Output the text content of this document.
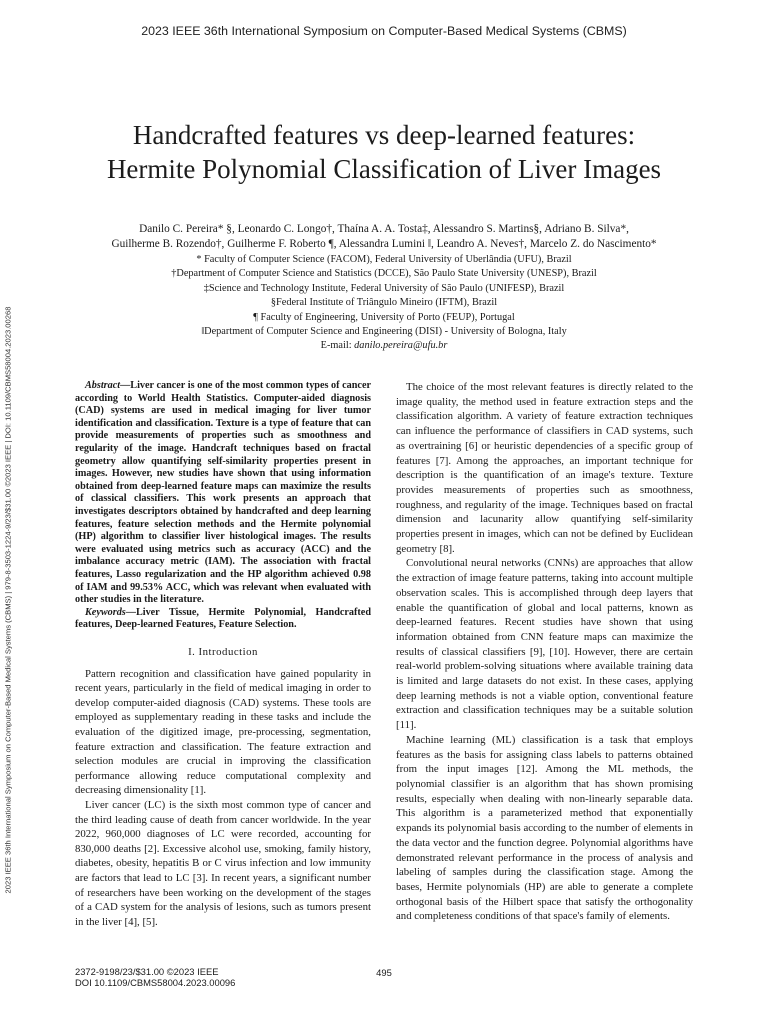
2023 IEEE 36th International Symposium on Computer-Based Medical Systems (CBMS)
2023 IEEE 36th International Symposium on Computer-Based Medical Systems (CBMS) | 979-8-3503-1224-9/23/$31.00 ©2023 IEEE | DOI: 10.1109/CBMS58004.2023.00268
Handcrafted features vs deep-learned features:
Hermite Polynomial Classification of Liver Images
Danilo C. Pereira* §, Leonardo C. Longo†, Thaína A. A. Tosta‡, Alessandro S. Martins§, Adriano B. Silva*,
Guilherme B. Rozendo†, Guilherme F. Roberto ¶, Alessandra Lumini ‖, Leandro A. Neves†, Marcelo Z. do Nascimento*
* Faculty of Computer Science (FACOM), Federal University of Uberlândia (UFU), Brazil
†Department of Computer Science and Statistics (DCCE), São Paulo State University (UNESP), Brazil
‡Science and Technology Institute, Federal University of São Paulo (UNIFESP), Brazil
§Federal Institute of Triângulo Mineiro (IFTM), Brazil
¶ Faculty of Engineering, University of Porto (FEUP), Portugal
‖Department of Computer Science and Engineering (DISI) - University of Bologna, Italy
E-mail: danilo.pereira@ufu.br

Abstract—Liver cancer is one of the most common types of cancer according to World Health Statistics. Computer-aided diagnosis (CAD) systems are used in medical imaging for liver tumor identification and classification. Texture is a type of feature that can provide measurements of properties such as smoothness and regularity of the image. Handcraft techniques based on fractal geometry allow quantifying self-similarity properties present in images. However, new studies have shown that using information obtained from deep-learned feature maps can maximize the results of classical classifiers. This work presents an approach that investigates descriptors obtained by handcrafted and deep learning features, feature selection methods and the Hermite polynomial (HP) algorithm to classifier liver histological images. The results were evaluated using metrics such as accuracy (ACC) and the imbalance accuracy metric (IAM). The association with fractal features, Lasso regularization and the HP algorithm achieved 0.98 of IAM and 99.53% ACC, which was relevant when evaluated with other studies in the literature.

Keywords—Liver Tissue, Hermite Polynomial, Handcrafted features, Deep-learned Features, Feature Selection.

I. Introduction

Pattern recognition and classification have gained popularity in recent years, particularly in the field of medical imaging in order to develop computer-aided diagnosis (CAD) systems. These tools are employed as supplementary reading in these tasks and include the evaluation of the digitized image, pre-processing, segmentation, feature extraction and classification. The feature extraction and selection modules are crucial in improving the classification performance allowing reduce computational complexity and decreasing dimensionality [1].

Liver cancer (LC) is the sixth most common type of cancer and the third leading cause of death from cancer worldwide. In the year 2022, 960,000 diagnoses of LC were recorded, accounting for 830,000 deaths [2]. Excessive alcohol use, smoking, family history, diabetes, obesity, hepatitis B or C virus infection and low immunity are factors that lead to LC [3]. In recent years, a significant number of researchers have been working on the development of the stages of a CAD system for the analysis of lesions, such as tumors present in the liver [4], [5].

The choice of the most relevant features is directly related to the image quality, the method used in feature extraction steps and the classification algorithm. A variety of feature extraction techniques can influence the performance of classifiers in CAD systems, such as overtraining [6] or heuristic dependencies of a specific group of features [7]. Among the approaches, an important technique for description is the quantification of an image's texture. Texture provides measurements of properties such as smoothness, roughness, and regularity of the image. Techniques based on fractal dimension and lacunarity allow quantifying self-similarity properties present in images, which can not be defined by Euclidean geometry [8].

Convolutional neural networks (CNNs) are approaches that allow the extraction of image feature patterns, taking into account multiple observation scales. This is accomplished through deep layers that enable the quantification of global and local patterns, known as deep-learned features. Recent studies have shown that using information obtained from CNN feature maps can maximize the results of classical classifiers [9], [10]. However, there are certain real-world problem-solving situations where available training data is limited and large datasets do not exist. In these cases, applying deep learning methods is not a viable option, conventional feature extraction and classification techniques may be a suitable solution [11].

Machine learning (ML) classification is a task that employs features as the basis for assigning class labels to patterns obtained from the input images [12]. Among the ML methods, the polynomial classifier is an algorithm that has shown promising results, especially when dealing with non-linearly separable data. This algorithm is a parameterized method that exponentially expands its polynomial basis according to the number of elements in the data vector and the function degree. Polynomial algorithms have demonstrated relevant performance in the process of analysis and labeling of samples during the classification stage. Among the bases, Hermite polynomials (HP) are able to generate a complete orthogonal basis of the Hilbert space that satisfy the orthogonality and completeness conditions of that space's family of elements.

2372-9198/23/$31.00 ©2023 IEEE
DOI 10.1109/CBMS58004.2023.00096
495
